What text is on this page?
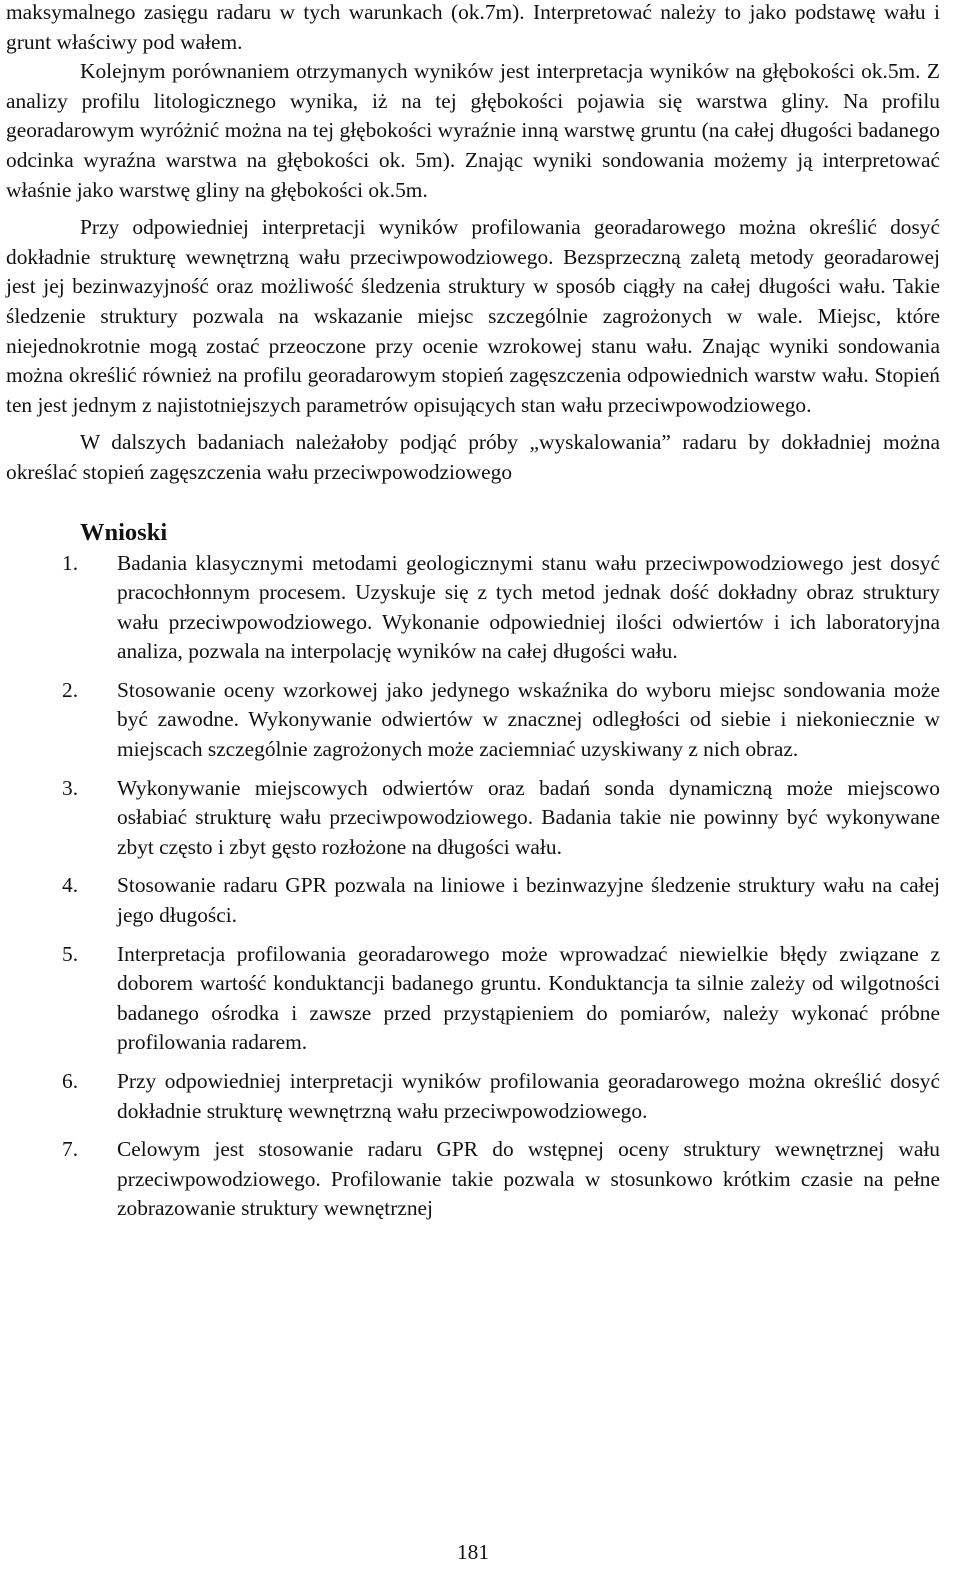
maksymalnego zasięgu radaru w tych warunkach (ok.7m). Interpretować należy to jako podstawę wału i grunt właściwy pod wałem.

Kolejnym porównaniem otrzymanych wyników jest interpretacja wyników na głębokości ok.5m. Z analizy profilu litologicznego wynika, iż na tej głębokości pojawia się warstwa gliny. Na profilu georadarowym wyróżnić można na tej głębokości wyraźnie inną warstwę gruntu (na całej długości badanego odcinka wyraźna warstwa na głębokości ok. 5m). Znając wyniki sondowania możemy ją interpretować właśnie jako warstwę gliny na głębokości ok.5m.

Przy odpowiedniej interpretacji wyników profilowania georadarowego można określić dosyć dokładnie strukturę wewnętrzną wału przeciwpowodziowego. Bezsprzeczną zaletą metody georadarowej jest jej bezinwazyjność oraz możliwość śledzenia struktury w sposób ciągły na całej długości wału. Takie śledzenie struktury pozwala na wskazanie miejsc szczególnie zagrożonych w wale. Miejsc, które niejednokrotnie mogą zostać przeoczone przy ocenie wzrokowej stanu wału. Znając wyniki sondowania można określić również na profilu georadarowym stopień zagęszczenia odpowiednich warstw wału. Stopień ten jest jednym z najistotniejszych parametrów opisujących stan wału przeciwpowodziowego.

W dalszych badaniach należałoby podjąć próby „wyskalowania” radaru by dokładniej można określać stopień zagęszczenia wału przeciwpowodziowego

Wnioski
1. Badania klasycznymi metodami geologicznymi stanu wału przeciwpowodziowego jest dosyć pracochłonnym procesem. Uzyskuje się z tych metod jednak dość dokładny obraz struktury wału przeciwpowodziowego. Wykonanie odpowiedniej ilości odwiertów i ich laboratoryjna analiza, pozwala na interpolację wyników na całej długości wału.
2. Stosowanie oceny wzorkowej jako jedynego wskaźnika do wyboru miejsc sondowania może być zawodne. Wykonywanie odwiertów w znacznej odległości od siebie i niekoniecznie w miejscach szczególnie zagrożonych może zaciemniać uzyskiwany z nich obraz.
3. Wykonywanie miejscowych odwiertów oraz badań sonda dynamiczną może miejscowo osłabiać strukturę wału przeciwpowodziowego. Badania takie nie powinny być wykonywane zbyt często i zbyt gęsto rozłożone na długości wału.
4. Stosowanie radaru GPR pozwala na liniowe i bezinwazyjne śledzenie struktury wału na całej jego długości.
5. Interpretacja profilowania georadarowego może wprowadzać niewielkie błędy związane z doborem wartość konduktancji badanego gruntu. Konduktancja ta silnie zależy od wilgotności badanego ośrodka i zawsze przed przystąpieniem do pomiarów, należy wykonać próbne profilowania radarem.
6. Przy odpowiedniej interpretacji wyników profilowania georadarowego można określić dosyć dokładnie strukturę wewnętrzną wału przeciwpowodziowego.
7. Celowym jest stosowanie radaru GPR do wstępnej oceny struktury wewnętrznej wału przeciwpowodziowego. Profilowanie takie pozwala w stosunkowo krótkim czasie na pełne zobrazowanie struktury wewnętrznej
181
